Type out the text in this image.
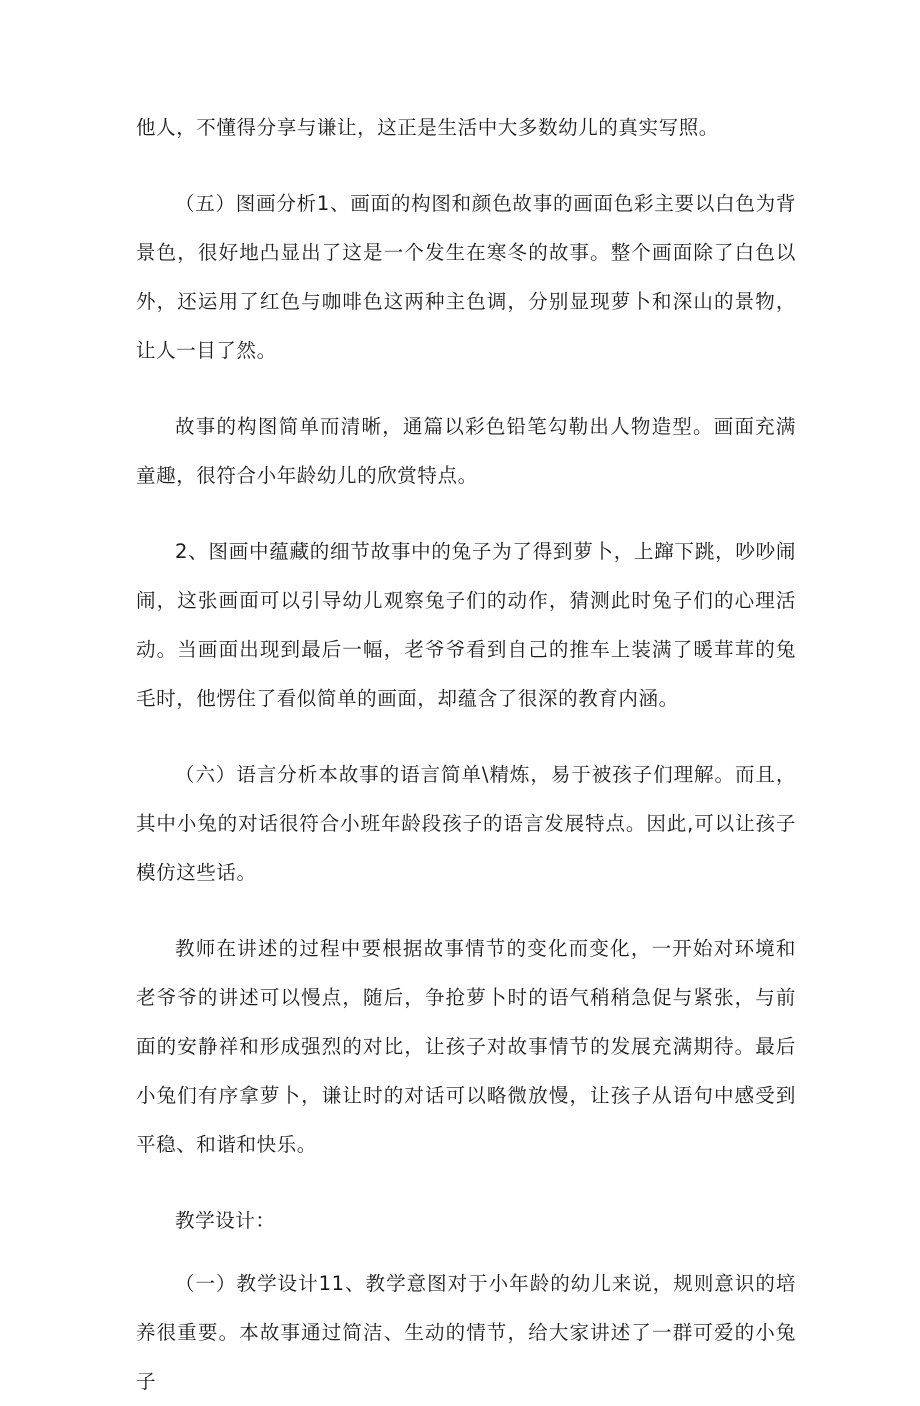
他人，不懂得分享与谦让，这正是生活中大多数幼儿的真实写照。

（五）图画分析1、画面的构图和颜色故事的画面色彩主要以白色为背景色，很好地凸显出了这是一个发生在寒冬的故事。整个画面除了白色以外，还运用了红色与咖啡色这两种主色调，分别显现萝卜和深山的景物，让人一目了然。

故事的构图简单而清晰，通篇以彩色铅笔勾勒出人物造型。画面充满童趣，很符合小年龄幼儿的欣赏特点。

2、图画中蕴藏的细节故事中的兔子为了得到萝卜，上蹿下跳，吵吵闹闹，这张画面可以引导幼儿观察兔子们的动作，猜测此时兔子们的心理活动。当画面出现到最后一幅，老爷爷看到自己的推车上装满了暖茸茸的兔毛时，他愣住了看似简单的画面，却蕴含了很深的教育内涵。

（六）语言分析本故事的语言简单\精炼，易于被孩子们理解。而且，其中小兔的对话很符合小班年龄段孩子的语言发展特点。因此,可以让孩子模仿这些话。

教师在讲述的过程中要根据故事情节的变化而变化，一开始对环境和老爷爷的讲述可以慢点，随后，争抢萝卜时的语气稍稍急促与紧张，与前面的安静祥和形成强烈的对比，让孩子对故事情节的发展充满期待。最后小兔们有序拿萝卜，谦让时的对话可以略微放慢，让孩子从语句中感受到平稳、和谐和快乐。

教学设计：

（一）教学设计11、教学意图对于小年龄的幼儿来说，规则意识的培养很重要。本故事通过简洁、生动的情节，给大家讲述了一群可爱的小兔子
